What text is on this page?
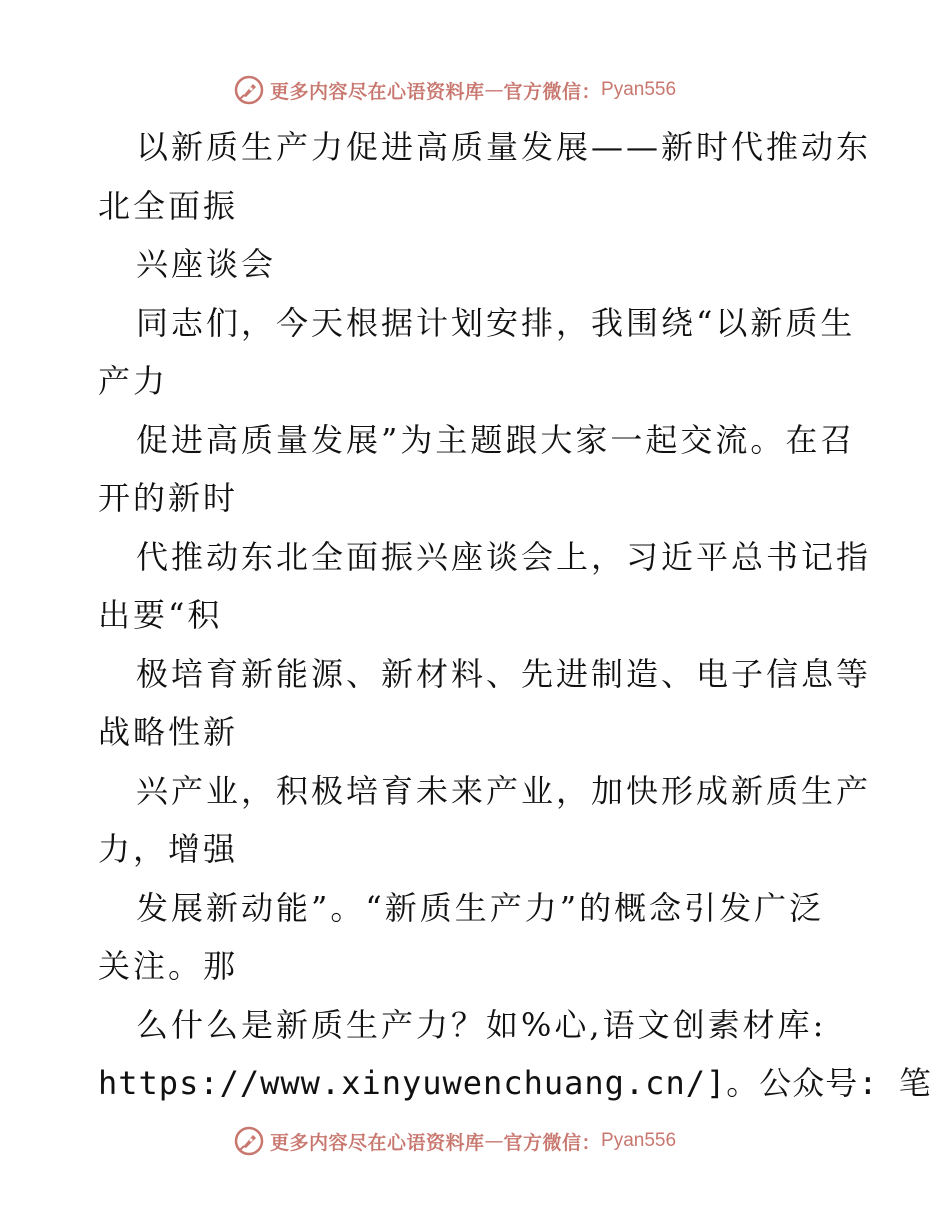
更多内容尽在心语资料库 — 官方微信： Pyan556
以新质生产力促进高质量发展——新时代推动东
北全面振
兴座谈会
同志们，今天根据计划安排，我围绕“以新质生
产力
促进高质量发展”为主题跟大家一起交流。在召
开的新时
代推动东北全面振兴座谈会上，习近平总书记指
出要“积
极培育新能源、新材料、先进制造、电子信息等
战略性新
兴产业，积极培育未来产业，加快形成新质生产
力，增强
发展新动能”。“新质生产力”的概念引发广泛
关注。那
么什么是新质生产力？如%心,语文创素材库:
https://www.xinyuwenchuang.cn/]。公众号: 笔
更多内容尽在心语资料库 — 官方微信： Pyan556
